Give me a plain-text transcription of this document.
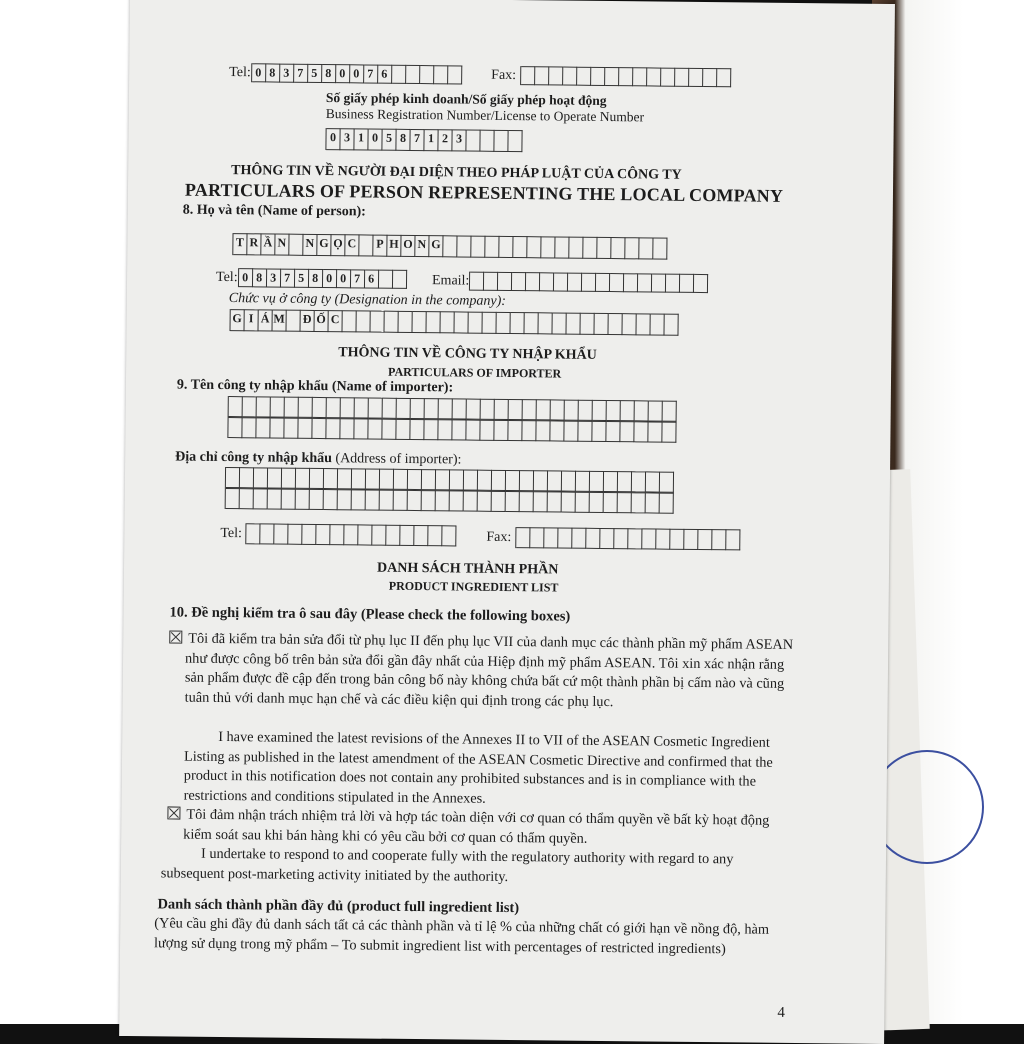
Tel: 0 8 3 7 5 8 0 0 7 6	Fax:
Số giấy phép kinh doanh/Số giấy phép hoạt động
Business Registration Number/License to Operate Number
0 3 1 0 5 8 7 1 2 3
THÔNG TIN VỀ NGƯỜI ĐẠI DIỆN THEO PHÁP LUẬT CỦA CÔNG TY
PARTICULARS OF PERSON REPRESENTING THE LOCAL COMPANY
8. Họ và tên (Name of person):
T R Ầ N N G Ọ C P H O N G
Tel: 0 8 3 7 5 8 0 0 7 6	Email:
Chức vụ ở công ty (Designation in the company):
G I Á M Đ Ố C
THÔNG TIN VỀ CÔNG TY NHẬP KHẨU
PARTICULARS OF IMPORTER
9. Tên công ty nhập khẩu (Name of importer):
Địa chỉ công ty nhập khẩu (Address of importer):
Tel:	Fax:
DANH SÁCH THÀNH PHẦN
PRODUCT INGREDIENT LIST
10. Đề nghị kiểm tra ô sau đây (Please check the following boxes)
Tôi đã kiểm tra bản sửa đổi từ phụ lục II đến phụ lục VII của danh mục các thành phần mỹ phẩm ASEAN như được công bố trên bản sửa đổi gần đây nhất của Hiệp định mỹ phẩm ASEAN. Tôi xin xác nhận rằng sản phẩm được đề cập đến trong bản công bố này không chứa bất cứ một thành phần bị cấm nào và cũng tuân thủ với danh mục hạn chế và các điều kiện qui định trong các phụ lục.
I have examined the latest revisions of the Annexes II to VII of the ASEAN Cosmetic Ingredient Listing as published in the latest amendment of the ASEAN Cosmetic Directive and confirmed that the product in this notification does not contain any prohibited substances and is in compliance with the restrictions and conditions stipulated in the Annexes.
Tôi đảm nhận trách nhiệm trả lời và hợp tác toàn diện với cơ quan có thẩm quyền về bất kỳ hoạt động kiểm soát sau khi bán hàng khi có yêu cầu bởi cơ quan có thẩm quyền.
I undertake to respond to and cooperate fully with the regulatory authority with regard to any subsequent post-marketing activity initiated by the authority.
Danh sách thành phần đầy đủ (product full ingredient list)
(Yêu cầu ghi đầy đủ danh sách tất cả các thành phần và tỉ lệ % của những chất có giới hạn về nồng độ, hàm lượng sử dụng trong mỹ phẩm – To submit ingredient list with percentages of restricted ingredients)
4
